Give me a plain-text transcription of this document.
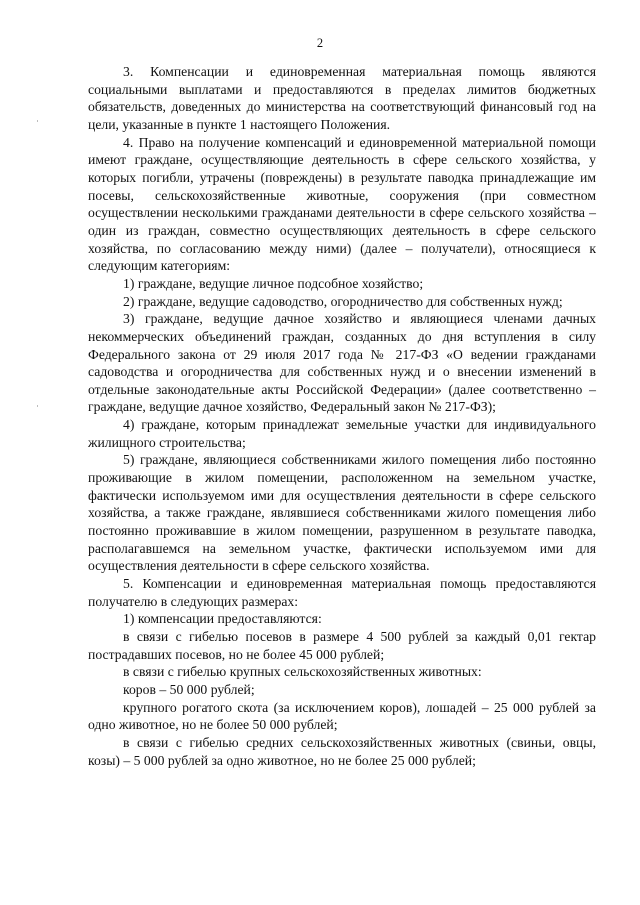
2

3. Компенсации и единовременная материальная помощь являются социальными выплатами и предоставляются в пределах лимитов бюджетных обязательств, доведенных до министерства на соответствующий финансовый год на цели, указанные в пункте 1 настоящего Положения.

4. Право на получение компенсаций и единовременной материальной помощи имеют граждане, осуществляющие деятельность в сфере сельского хозяйства, у которых погибли, утрачены (повреждены) в результате паводка принадлежащие им посевы, сельскохозяйственные животные, сооружения (при совместном осуществлении несколькими гражданами деятельности в сфере сельского хозяйства – один из граждан, совместно осуществляющих деятельность в сфере сельского хозяйства, по согласованию между ними) (далее – получатели), относящиеся к следующим категориям:

1) граждане, ведущие личное подсобное хозяйство;

2) граждане, ведущие садоводство, огородничество для собственных нужд;

3) граждане, ведущие дачное хозяйство и являющиеся членами дачных некоммерческих объединений граждан, созданных до дня вступления в силу Федерального закона от 29 июля 2017 года № 217-ФЗ «О ведении гражданами садоводства и огородничества для собственных нужд и о внесении изменений в отдельные законодательные акты Российской Федерации» (далее соответственно – граждане, ведущие дачное хозяйство, Федеральный закон № 217-ФЗ);

4) граждане, которым принадлежат земельные участки для индивидуального жилищного строительства;

5) граждане, являющиеся собственниками жилого помещения либо постоянно проживающие в жилом помещении, расположенном на земельном участке, фактически используемом ими для осуществления деятельности в сфере сельского хозяйства, а также граждане, являвшиеся собственниками жилого помещения либо постоянно проживавшие в жилом помещении, разрушенном в результате паводка, располагавшемся на земельном участке, фактически используемом ими для осуществления деятельности в сфере сельского хозяйства.

5. Компенсации и единовременная материальная помощь предоставляются получателю в следующих размерах:

1) компенсации предоставляются:

в связи с гибелью посевов в размере 4 500 рублей за каждый 0,01 гектар пострадавших посевов, но не более 45 000 рублей;

в связи с гибелью крупных сельскохозяйственных животных:

коров – 50 000 рублей;

крупного рогатого скота (за исключением коров), лошадей – 25 000 рублей за одно животное, но не более 50 000 рублей;

в связи с гибелью средних сельскохозяйственных животных (свиньи, овцы, козы) – 5 000 рублей за одно животное, но не более 25 000 рублей;
